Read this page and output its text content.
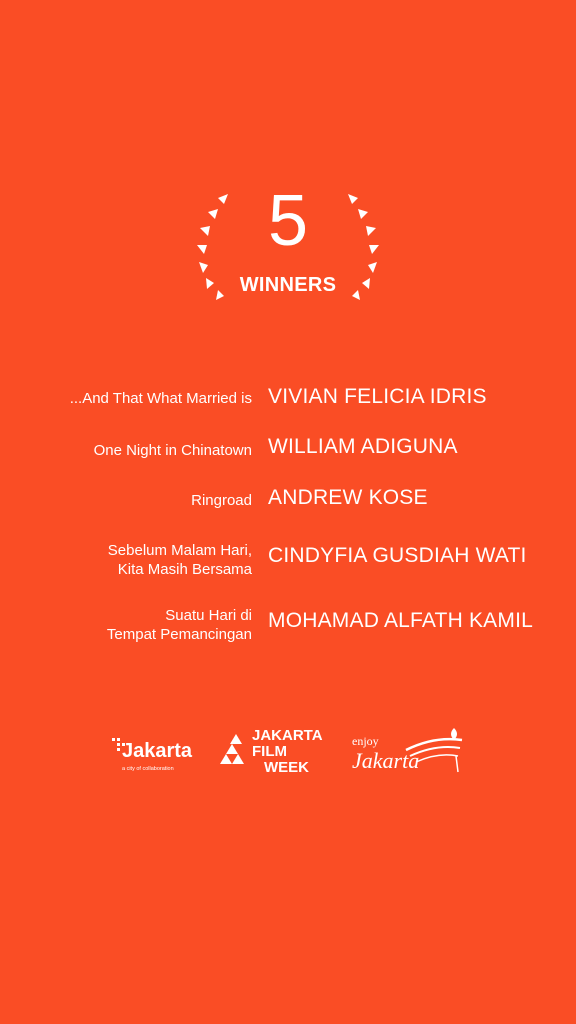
5
WINNERS
...And That What Married is VIVIAN FELICIA IDRIS
One Night in Chinatown WILLIAM ADIGUNA
Ringroad ANDREW KOSE
Sebelum Malam Hari,
Kita Masih Bersama
CINDYFIA GUSDIAH WATI
Suatu Hari di
Tempat Pemancingan
MOHAMAD ALFATH KAMIL
Jakarta
a city of collaboration
JAKARTA
FILM
WEEK
enjoy
Jakarta
